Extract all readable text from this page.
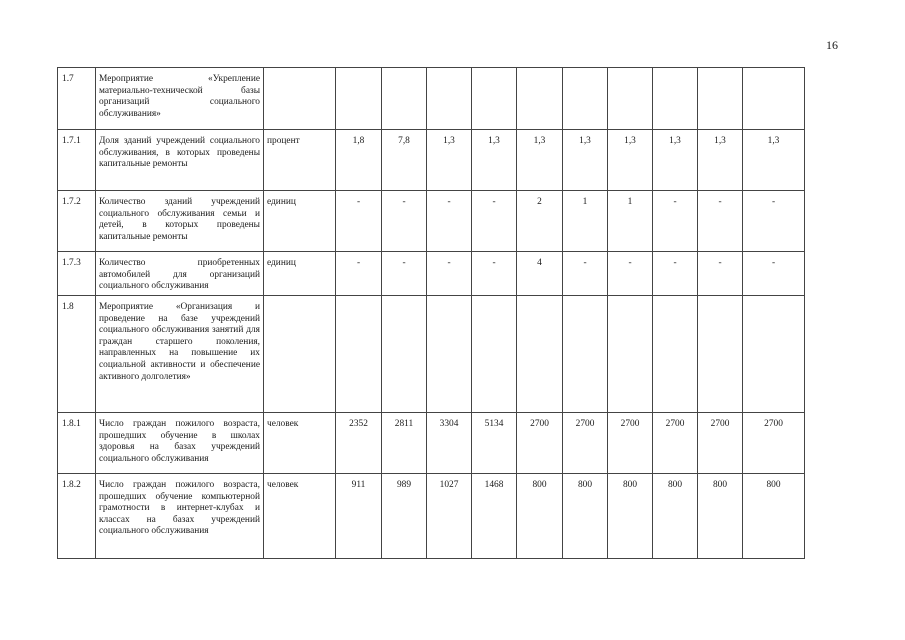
16
1.7	Мероприятие «Укрепление материально-технической базы организаций социального обслуживания»											
1.7.1	Доля зданий учреждений социального обслуживания, в которых проведены капитальные ремонты	процент	1,8	7,8	1,3	1,3	1,3	1,3	1,3	1,3	1,3	1,3
1.7.2	Количество зданий учреждений социального обслуживания семьи и детей, в которых проведены капитальные ремонты	единиц	-	-	-	-	2	1	1	-	-	-
1.7.3	Количество приобретенных автомобилей для организаций социального обслуживания	единиц	-	-	-	-	4	-	-	-	-	-
1.8	Мероприятие «Организация и проведение на базе учреждений социального обслуживания занятий для граждан старшего поколения, направленных на повышение их социальной активности и обеспечение активного долголетия»											
1.8.1	Число граждан пожилого возраста, прошедших обучение в школах здоровья на базах учреждений социального обслуживания	человек	2352	2811	3304	5134	2700	2700	2700	2700	2700	2700
1.8.2	Число граждан пожилого возраста, прошедших обучение компьютерной грамотности в интернет-клубах и классах на базах учреждений социального обслуживания	человек	911	989	1027	1468	800	800	800	800	800	800
